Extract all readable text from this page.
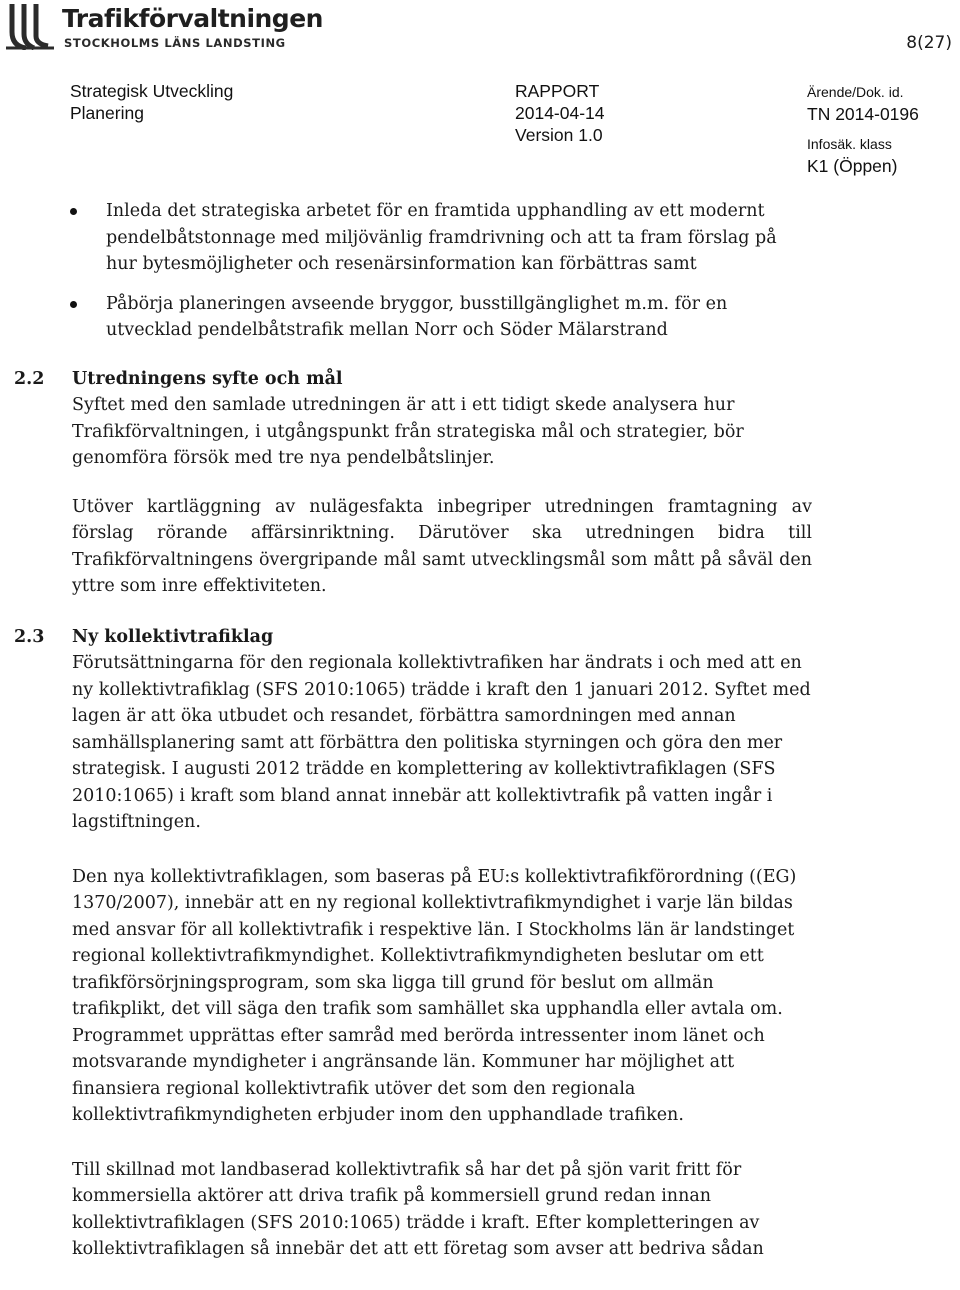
Trafikförvaltningen
STOCKHOLMS LÄNS LANDSTING	8(27)
Strategisk Utveckling
Planering
RAPPORT
2014-04-14
Version 1.0
Ärende/Dok. id.
TN 2014-0196
Infosäk. klass
K1 (Öppen)
Inleda det strategiska arbetet för en framtida upphandling av ett modernt pendelbåtstonnage med miljövänlig framdrivning och att ta fram förslag på hur bytesmöjligheter och resenärsinformation kan förbättras samt
Påbörja planeringen avseende bryggor, busstillgänglighet m.m. för en utvecklad pendelbåtstrafik mellan Norr och Söder Mälarstrand
2.2 Utredningens syfte och mål

Syftet med den samlade utredningen är att i ett tidigt skede analysera hur Trafikförvaltningen, i utgångspunkt från strategiska mål och strategier, bör genomföra försök med tre nya pendelbåtslinjer.

Utöver kartläggning av nulägesfakta inbegriper utredningen framtagning av förslag rörande affärsinriktning. Därutöver ska utredningen bidra till Trafikförvaltningens övergripande mål samt utvecklingsmål som mått på såväl den yttre som inre effektiviteten.

2.3 Ny kollektivtrafiklag

Förutsättningarna för den regionala kollektivtrafiken har ändrats i och med att en ny kollektivtrafiklag (SFS 2010:1065) trädde i kraft den 1 januari 2012. Syftet med lagen är att öka utbudet och resandet, förbättra samordningen med annan samhällsplanering samt att förbättra den politiska styrningen och göra den mer strategisk. I augusti 2012 trädde en komplettering av kollektivtrafiklagen (SFS 2010:1065) i kraft som bland annat innebär att kollektivtrafik på vatten ingår i lagstiftningen.

Den nya kollektivtrafiklagen, som baseras på EU:s kollektivtrafikförordning ((EG) 1370/2007), innebär att en ny regional kollektivtrafikmyndighet i varje län bildas med ansvar för all kollektivtrafik i respektive län. I Stockholms län är landstinget regional kollektivtrafikmyndighet. Kollektivtrafikmyndigheten beslutar om ett trafikförsörjningsprogram, som ska ligga till grund för beslut om allmän trafikplikt, det vill säga den trafik som samhället ska upphandla eller avtala om. Programmet upprättas efter samråd med berörda intressenter inom länet och motsvarande myndigheter i angränsande län. Kommuner har möjlighet att finansiera regional kollektivtrafik utöver det som den regionala kollektivtrafikmyndigheten erbjuder inom den upphandlade trafiken.

Till skillnad mot landbaserad kollektivtrafik så har det på sjön varit fritt för kommersiella aktörer att driva trafik på kommersiell grund redan innan kollektivtrafiklagen (SFS 2010:1065) trädde i kraft. Efter kompletteringen av kollektivtrafiklagen så innebär det att ett företag som avser att bedriva sådan
